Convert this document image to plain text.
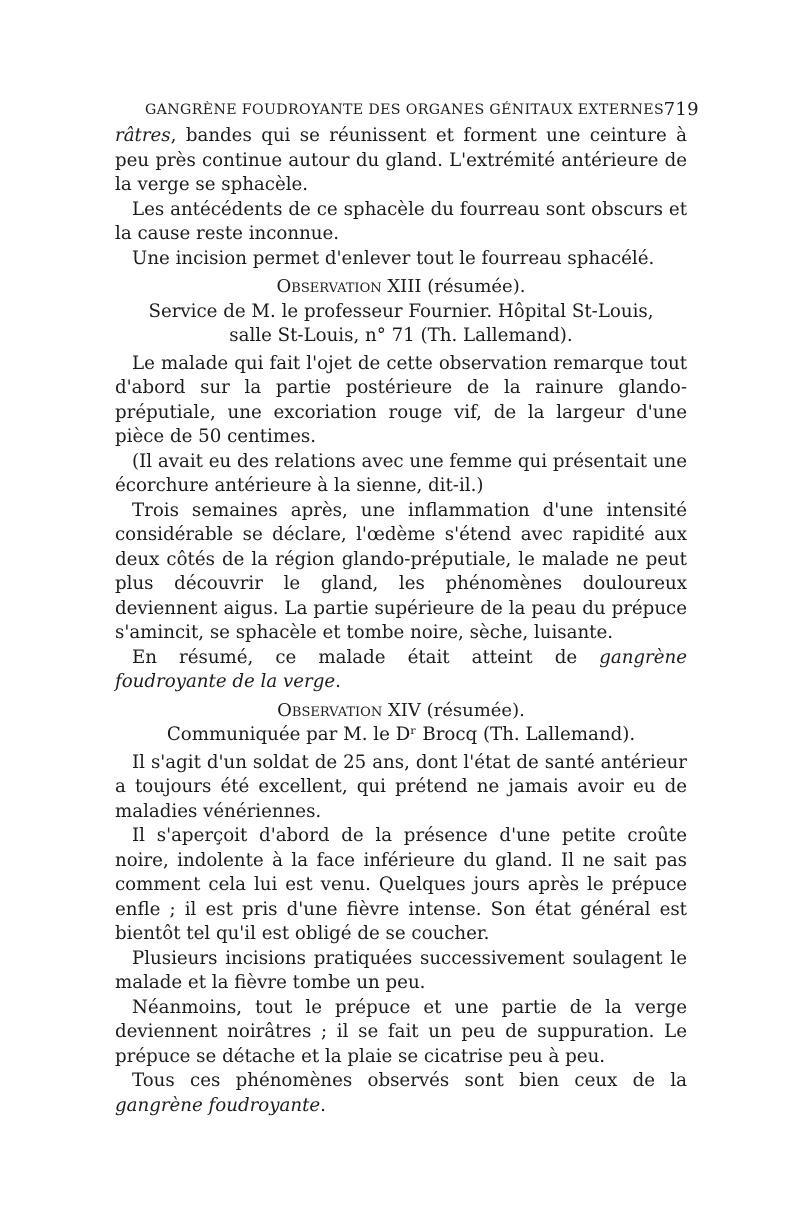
GANGRÈNE FOUDROYANTE DES ORGANES GÉNITAUX EXTERNES 719

râtres, bandes qui se réunissent et forment une ceinture à peu près continue autour du gland. L'extrémité antérieure de la verge se sphacèle.

Les antécédents de ce sphacèle du fourreau sont obscurs et la cause reste inconnue.

Une incision permet d'enlever tout le fourreau sphacélé.

Observation XIII (résumée).
Service de M. le professeur Fournier. Hôpital St-Louis,
salle St-Louis, n° 71 (Th. Lallemand).

Le malade qui fait l'ojet de cette observation remarque tout d'abord sur la partie postérieure de la rainure glando-préputiale, une excoriation rouge vif, de la largeur d'une pièce de 50 centimes.

(Il avait eu des relations avec une femme qui présentait une écorchure antérieure à la sienne, dit-il.)

Trois semaines après, une inflammation d'une intensité considérable se déclare, l'œdème s'étend avec rapidité aux deux côtés de la région glando-préputiale, le malade ne peut plus découvrir le gland, les phénomènes douloureux deviennent aigus. La partie supérieure de la peau du prépuce s'amincit, se sphacèle et tombe noire, sèche, luisante.

En résumé, ce malade était atteint de gangrène foudroyante de la verge.

Observation XIV (résumée).
Communiquée par M. le Dʳ Brocq (Th. Lallemand).

Il s'agit d'un soldat de 25 ans, dont l'état de santé antérieur a toujours été excellent, qui prétend ne jamais avoir eu de maladies vénériennes.

Il s'aperçoit d'abord de la présence d'une petite croûte noire, indolente à la face inférieure du gland. Il ne sait pas comment cela lui est venu. Quelques jours après le prépuce enfle ; il est pris d'une fièvre intense. Son état général est bientôt tel qu'il est obligé de se coucher.

Plusieurs incisions pratiquées successivement soulagent le malade et la fièvre tombe un peu.

Néanmoins, tout le prépuce et une partie de la verge deviennent noirâtres ; il se fait un peu de suppuration. Le prépuce se détache et la plaie se cicatrise peu à peu.

Tous ces phénomènes observés sont bien ceux de la gangrène foudroyante.
